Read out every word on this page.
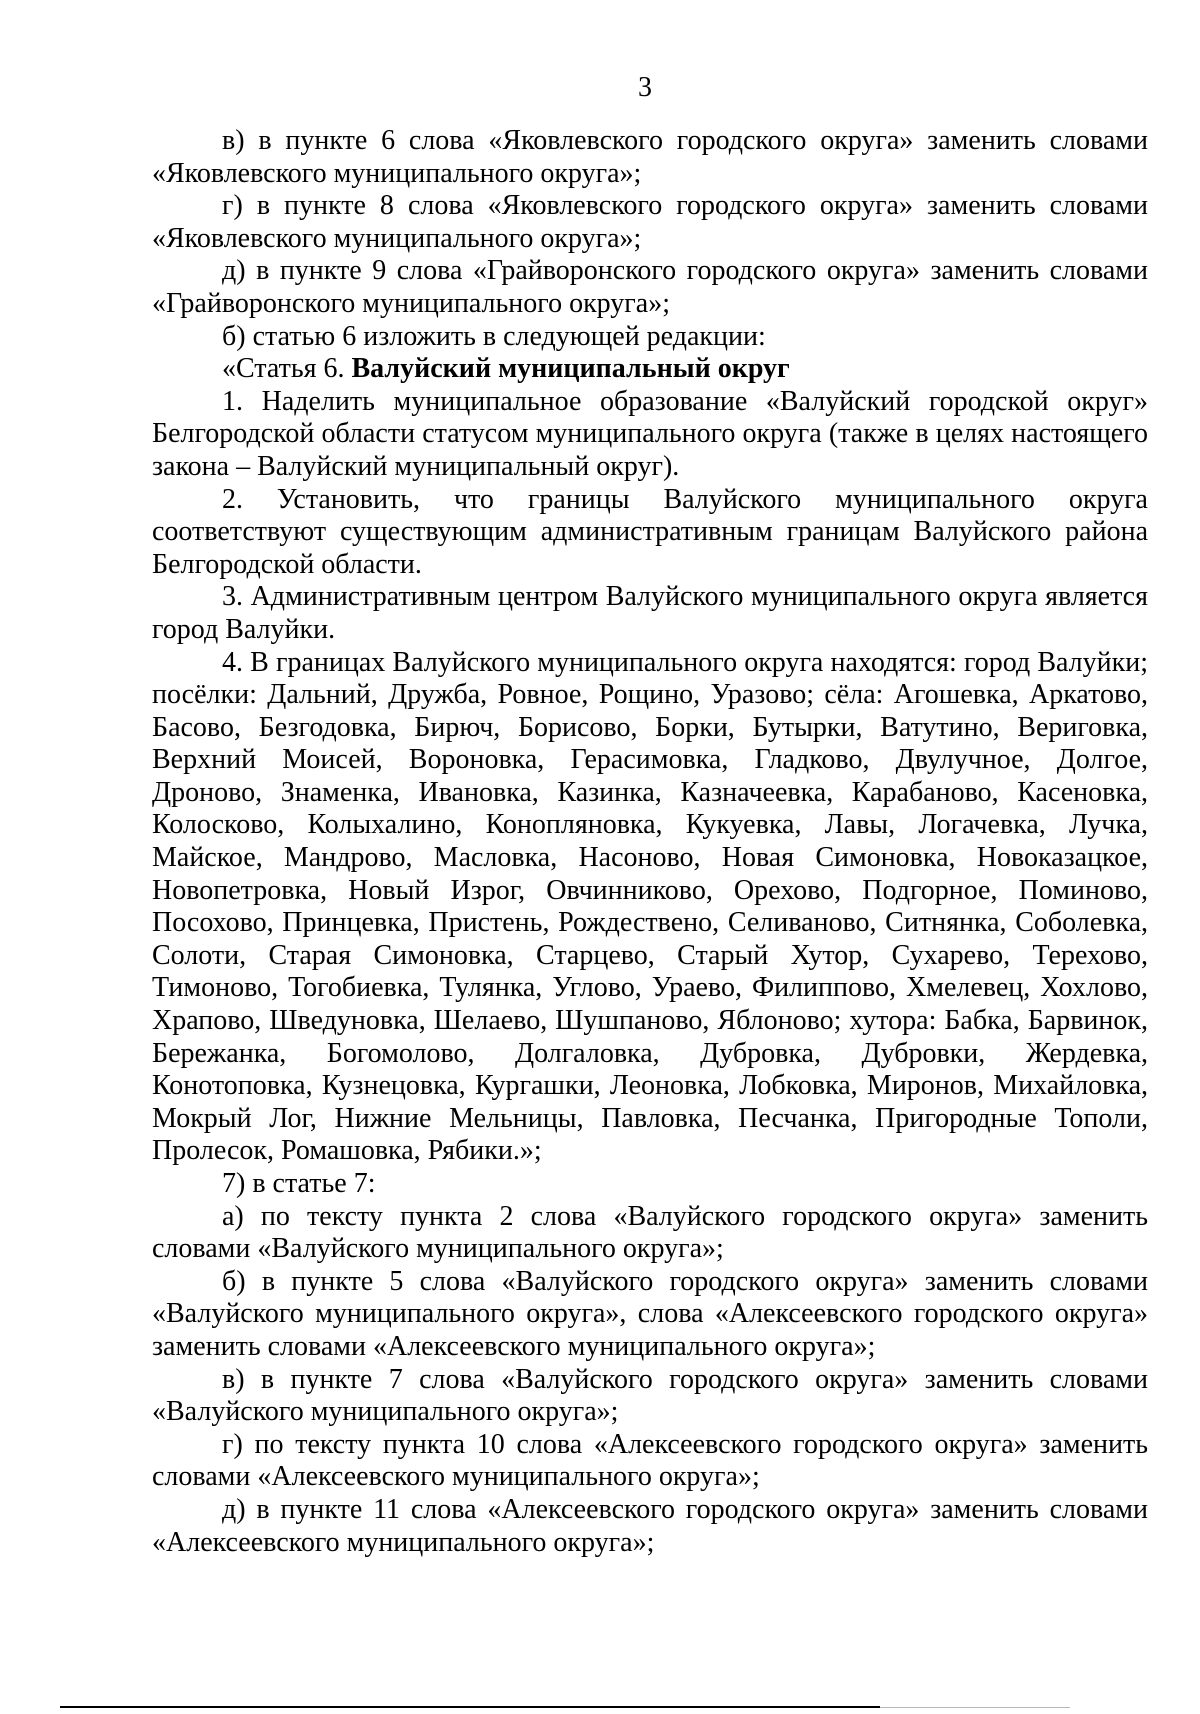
3

в) в пункте 6 слова «Яковлевского городского округа» заменить словами «Яковлевского муниципального округа»;

г) в пункте 8 слова «Яковлевского городского округа» заменить словами «Яковлевского муниципального округа»;

д) в пункте 9 слова «Грайворонского городского округа» заменить словами «Грайворонского муниципального округа»;

б) статью 6 изложить в следующей редакции:

«Статья 6. Валуйский муниципальный округ

1. Наделить муниципальное образование «Валуйский городской округ» Белгородской области статусом муниципального округа (также в целях настоящего закона – Валуйский муниципальный округ).

2. Установить, что границы Валуйского муниципального округа соответствуют существующим административным границам Валуйского района Белгородской области.

3. Административным центром Валуйского муниципального округа является город Валуйки.

4. В границах Валуйского муниципального округа находятся: город Валуйки; посёлки: Дальний, Дружба, Ровное, Рощино, Уразово; сёла: Агошевка, Аркатово, Басово, Безгодовка, Бирюч, Борисово, Борки, Бутырки, Ватутино, Вериговка, Верхний Моисей, Вороновка, Герасимовка, Гладково, Двулучное, Долгое, Дроново, Знаменка, Ивановка, Казинка, Казначеевка, Карабаново, Касеновка, Колосково, Колыхалино, Конопляновка, Кукуевка, Лавы, Логачевка, Лучка, Майское, Мандрово, Масловка, Насоново, Новая Симоновка, Новоказацкое, Новопетровка, Новый Изрог, Овчинниково, Орехово, Подгорное, Поминово, Посохово, Принцевка, Пристень, Рождествено, Селиваново, Ситнянка, Соболевка, Солоти, Старая Симоновка, Старцево, Старый Хутор, Сухарево, Терехово, Тимоново, Тогобиевка, Тулянка, Углово, Ураево, Филиппово, Хмелевец, Хохлово, Храпово, Шведуновка, Шелаево, Шушпаново, Яблоново; хутора: Бабка, Барвинок, Бережанка, Богомолово, Долгаловка, Дубровка, Дубровки, Жердевка, Конотоповка, Кузнецовка, Кургашки, Леоновка, Лобковка, Миронов, Михайловка, Мокрый Лог, Нижние Мельницы, Павловка, Песчанка, Пригородные Тополи, Пролесок, Ромашовка, Рябики.»;

7) в статье 7:

а) по тексту пункта 2 слова «Валуйского городского округа» заменить словами «Валуйского муниципального округа»;

б) в пункте 5 слова «Валуйского городского округа» заменить словами «Валуйского муниципального округа», слова «Алексеевского городского округа» заменить словами «Алексеевского муниципального округа»;

в) в пункте 7 слова «Валуйского городского округа» заменить словами «Валуйского муниципального округа»;

г) по тексту пункта 10 слова «Алексеевского городского округа» заменить словами «Алексеевского муниципального округа»;

д) в пункте 11 слова «Алексеевского городского округа» заменить словами «Алексеевского муниципального округа»;
